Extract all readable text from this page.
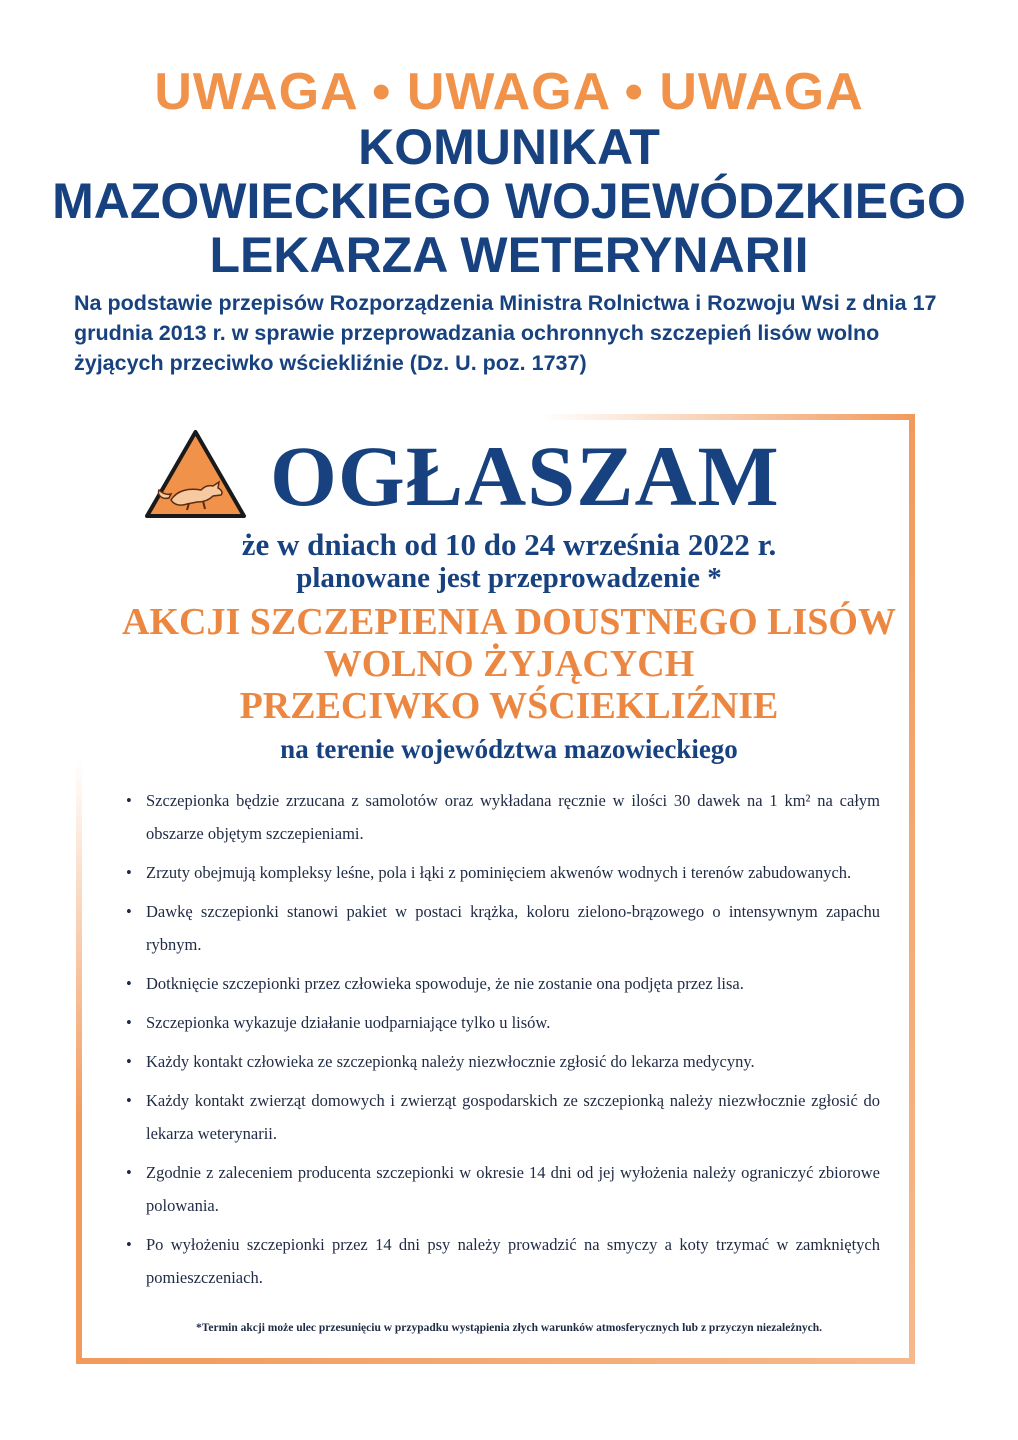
UWAGA • UWAGA • UWAGA
KOMUNIKAT
MAZOWIECKIEGO WOJEWÓDZKIEGO
LEKARZA WETERYNARII
Na podstawie przepisów Rozporządzenia Ministra Rolnictwa i Rozwoju Wsi z dnia 17 grudnia 2013 r. w sprawie przeprowadzania ochronnych szczepień lisów wolno żyjących przeciwko wściekliźnie (Dz. U. poz. 1737)
OGŁASZAM
że w dniach od 10 do 24 września 2022 r.
planowane jest przeprowadzenie *
AKCJI SZCZEPIENIA DOUSTNEGO LISÓW
WOLNO ŻYJĄCYCH
PRZECIWKO WŚCIEKLIŹNIE
na terenie województwa mazowieckiego
• Szczepionka będzie zrzucana z samolotów oraz wykładana ręcznie w ilości 30 dawek na 1 km² na całym obszarze objętym szczepieniami.
• Zrzuty obejmują kompleksy leśne, pola i łąki z pominięciem akwenów wodnych i terenów zabudowanych.
• Dawkę szczepionki stanowi pakiet w postaci krążka, koloru zielono-brązowego o intensywnym zapachu rybnym.
• Dotknięcie szczepionki przez człowieka spowoduje, że nie zostanie ona podjęta przez lisa.
• Szczepionka wykazuje działanie uodparniające tylko u lisów.
• Każdy kontakt człowieka ze szczepionką należy niezwłocznie zgłosić do lekarza medycyny.
• Każdy kontakt zwierząt domowych i zwierząt gospodarskich ze szczepionką należy niezwłocznie zgłosić do lekarza weterynarii.
• Zgodnie z zaleceniem producenta szczepionki w okresie 14 dni od jej wyłożenia należy ograniczyć zbiorowe polowania.
• Po wyłożeniu szczepionki przez 14 dni psy należy prowadzić na smyczy a koty trzymać w zamkniętych pomieszczeniach.
*Termin akcji może ulec przesunięciu w przypadku wystąpienia złych warunków atmosferycznych lub z przyczyn niezależnych.
